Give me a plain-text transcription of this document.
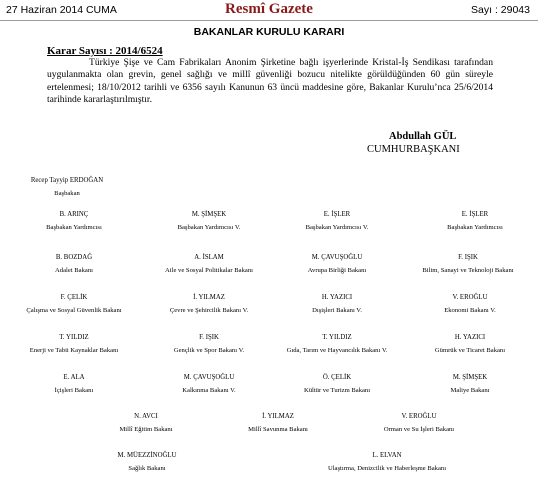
27 Haziran 2014 CUMA	Resmî Gazete	Sayı : 29043
BAKANLAR KURULU KARARI
Karar Sayısı : 2014/6524

Türkiye Şişe ve Cam Fabrikaları Anonim Şirketine bağlı işyerlerinde Kristal-İş Sendikası tarafından uygulanmakta olan grevin, genel sağlığı ve millî güvenliği bozucu nitelikte görüldüğünden 60 gün süreyle ertelenmesi; 18/10/2012 tarihli ve 6356 sayılı Kanunun 63 üncü maddesine göre, Bakanlar Kurulu’nca 25/6/2014 tarihinde kararlaştırılmıştır.

Abdullah GÜL
CUMHURBAŞKANI
Recep Tayyip ERDOĞAN
Başbakan
B. ARINÇ
Başbakan Yardımcısı
M. ŞİMŞEK
Başbakan Yardımcısı V.
E. İŞLER
Başbakan Yardımcısı V.
E. İŞLER
Başbakan Yardımcısı
B. BOZDAĞ
Adalet Bakanı
A. İSLAM
Aile ve Sosyal Politikalar Bakanı
M. ÇAVUŞOĞLU
Avrupa Birliği Bakanı
F. IŞIK
Bilim, Sanayi ve Teknoloji Bakanı
F. ÇELİK
Çalışma ve Sosyal Güvenlik Bakanı
İ. YILMAZ
Çevre ve Şehircilik Bakanı V.
H. YAZICI
Dışişleri Bakanı V.
V. EROĞLU
Ekonomi Bakanı V.
T. YILDIZ
Enerji ve Tabii Kaynaklar Bakanı
F. IŞIK
Gençlik ve Spor Bakanı V.
T. YILDIZ
Gıda, Tarım ve Hayvancılık Bakanı V.
H. YAZICI
Gümrük ve Ticaret Bakanı
E. ALA
İçişleri Bakanı
M. ÇAVUŞOĞLU
Kalkınma Bakanı V.
Ö. ÇELİK
Kültür ve Turizm Bakanı
M. ŞİMŞEK
Maliye Bakanı
N. AVCI
Millî Eğitim Bakanı
İ. YILMAZ
Millî Savunma Bakanı
V. EROĞLU
Orman ve Su İşleri Bakanı
M. MÜEZZİNOĞLU
Sağlık Bakanı
L. ELVAN
Ulaştırma, Denizcilik ve Haberleşme Bakanı
